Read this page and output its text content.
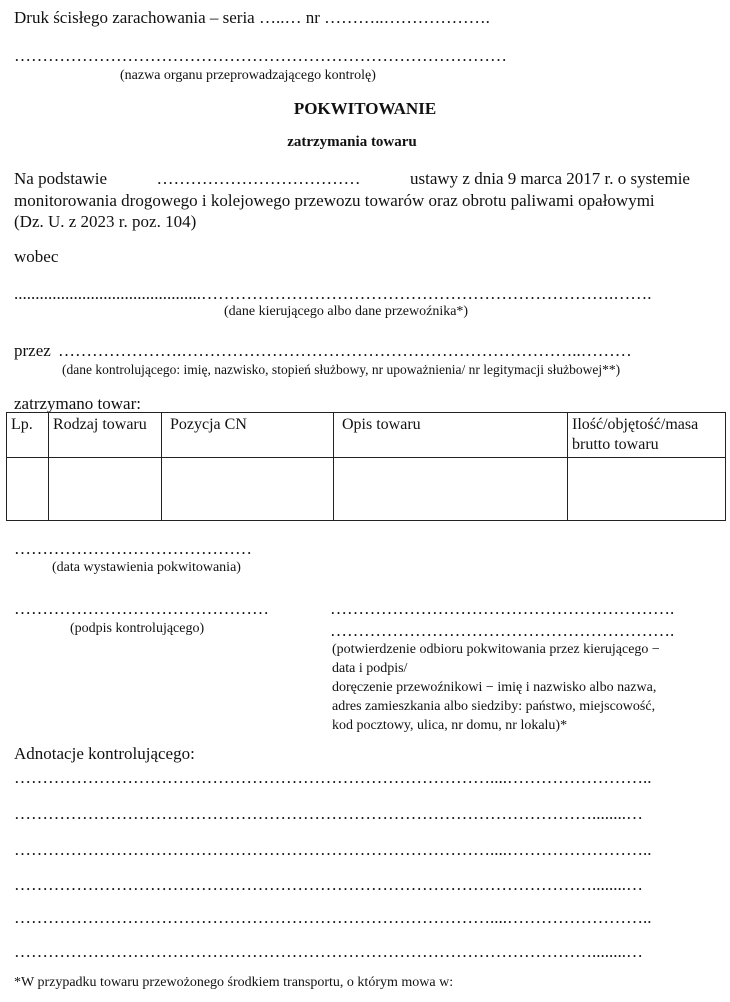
Druk ścisłego zarachowania – seria …..… nr ………..……………….
……………………………………………………………………………
(nazwa organu przeprowadzającego kontrolę)
POKWITOWANIE
zatrzymania towaru
Na podstawie	………………………………	ustawy z dnia 9 marca 2017 r. o systemie
monitorowania drogowego i kolejowego przewozu towarów oraz obrotu paliwami opałowymi
(Dz. U. z 2023 r. poz. 104)
wobec
............................................……………………………………………………………….…….
(dane kierującego albo dane przewoźnika*)
przez ………………….……………………………………………………………..………
(dane kontrolującego: imię, nazwisko, stopień służbowy, nr upoważnienia/ nr legitymacji służbowej**)
zatrzymano towar:
Lp.	Rodzaj towaru	Pozycja CN	Opis towaru	Ilość/objętość/masa brutto towaru

……………………………………
(data wystawienia pokwitowania)
………………………………………
(podpis kontrolującego)
…………………………………………………….
…………………………………………………….
(potwierdzenie odbioru pokwitowania przez kierującego −
data i podpis/
doręczenie przewoźnikowi − imię i nazwisko albo nazwa,
adres zamieszkania albo siedziby: państwo, miejscowość,
kod pocztowy, ulica, nr domu, nr lokalu)*
Adnotacje kontrolującego:
…………………………………………………………………………....……………………..
…………………………………………………………………………………………........…
…………………………………………………………………………....……………………..
…………………………………………………………………………………………........…
…………………………………………………………………………....……………………..
…………………………………………………………………………………………........…
*W przypadku towaru przewożonego środkiem transportu, o którym mowa w:
